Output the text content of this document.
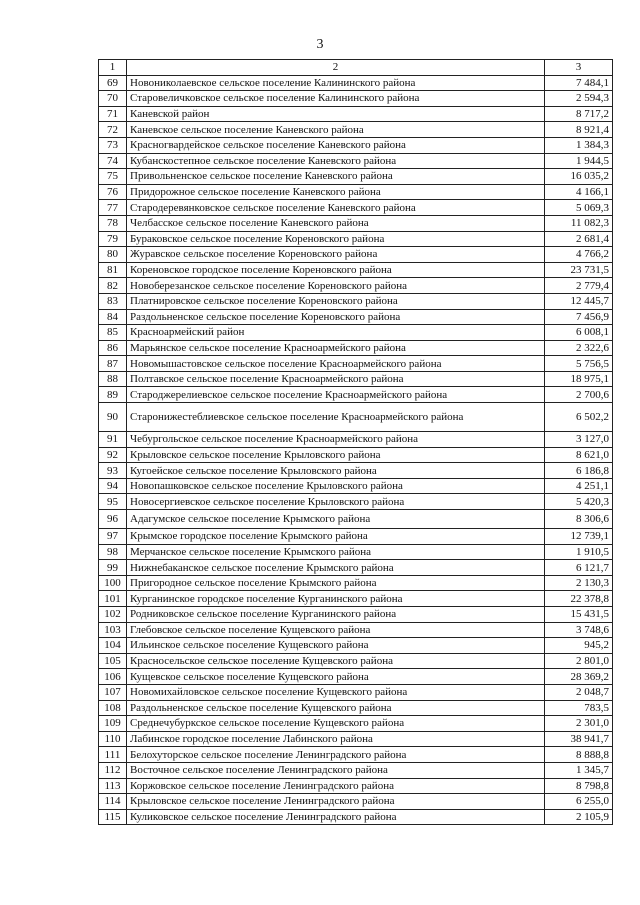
3
1	2	3
69	Новониколаевское сельское поселение Калининского района	7 484,1
70	Старовеличковское сельское поселение Калининского района	2 594,3
71	Каневской район	8 717,2
72	Каневское сельское поселение Каневского района	8 921,4
73	Красногвардейское сельское поселение Каневского района	1 384,3
74	Кубанскостепное сельское поселение Каневского района	1 944,5
75	Привольненское сельское поселение Каневского района	16 035,2
76	Придорожное сельское поселение Каневского района	4 166,1
77	Стародеревянковское сельское поселение Каневского района	5 069,3
78	Челбасское сельское поселение Каневского района	11 082,3
79	Бураковское сельское поселение Кореновского района	2 681,4
80	Журавское сельское поселение Кореновского района	4 766,2
81	Кореновское городское поселение Кореновского района	23 731,5
82	Новоберезанское сельское поселение Кореновского района	2 779,4
83	Платнировское сельское поселение Кореновского района	12 445,7
84	Раздольненское сельское поселение Кореновского района	7 456,9
85	Красноармейский район	6 008,1
86	Марьянское сельское поселение Красноармейского района	2 322,6
87	Новомышастовское сельское поселение Красноармейского района	5 756,5
88	Полтавское сельское поселение Красноармейского района	18 975,1
89	Староджерелиевское сельское поселение Красноармейского района	2 700,6
90	Старонижестеблиевское сельское поселение Красноармейского района	6 502,2
91	Чебургольское сельское поселение Красноармейского района	3 127,0
92	Крыловское сельское поселение Крыловского района	8 621,0
93	Кугоейское сельское поселение Крыловского района	6 186,8
94	Новопашковское сельское поселение Крыловского района	4 251,1
95	Новосергиевское сельское поселение Крыловского района	5 420,3
96	Адагумское сельское поселение Крымского района	8 306,6
97	Крымское городское поселение Крымского района	12 739,1
98	Мерчанское сельское поселение Крымского района	1 910,5
99	Нижнебаканское сельское поселение Крымского района	6 121,7
100	Пригородное сельское поселение Крымского района	2 130,3
101	Курганинское городское поселение Курганинского района	22 378,8
102	Родниковское сельское поселение Курганинского района	15 431,5
103	Глебовское сельское поселение Кущевского района	3 748,6
104	Ильинское сельское поселение Кущевского района	945,2
105	Красносельское сельское поселение Кущевского района	2 801,0
106	Кущевское сельское поселение Кущевского района	28 369,2
107	Новомихайловское сельское поселение Кущевского района	2 048,7
108	Раздольненское сельское поселение Кущевского района	783,5
109	Среднечубуркское сельское поселение Кущевского района	2 301,0
110	Лабинское городское поселение Лабинского района	38 941,7
111	Белохуторское сельское поселение Ленинградского района	8 888,8
112	Восточное сельское поселение Ленинградского района	1 345,7
113	Коржовское сельское поселение Ленинградского района	8 798,8
114	Крыловское сельское поселение Ленинградского района	6 255,0
115	Куликовское сельское поселение Ленинградского района	2 105,9
